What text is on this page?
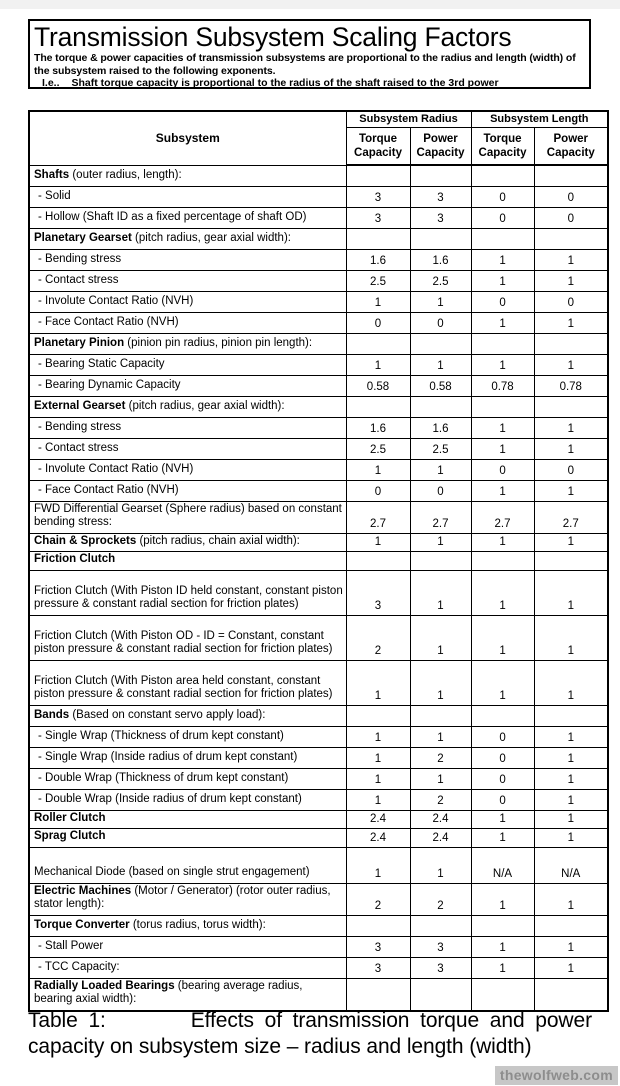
Transmission Subsystem Scaling Factors
The torque & power capacities of transmission subsystems are proportional to the radius and length (width) of
the subsystem raised to the following exponents.
I.e.. Shaft torque capacity is proportional to the radius of the shaft raised to the 3rd power
Subsystem	Subsystem Radius		Subsystem Length	
	Torque Capacity	Power Capacity	Torque Capacity	Power Capacity
Shafts (outer radius, length):				
- Solid	3	3	0	0
- Hollow (Shaft ID as a fixed percentage of shaft OD)	3	3	0	0
Planetary Gearset (pitch radius, gear axial width):				
- Bending stress	1.6	1.6	1	1
- Contact stress	2.5	2.5	1	1
- Involute Contact Ratio (NVH)	1	1	0	0
- Face Contact Ratio (NVH)	0	0	1	1
Planetary Pinion (pinion pin radius, pinion pin length):				
- Bearing Static Capacity	1	1	1	1
- Bearing Dynamic Capacity	0.58	0.58	0.78	0.78
External Gearset (pitch radius, gear axial width):				
- Bending stress	1.6	1.6	1	1
- Contact stress	2.5	2.5	1	1
- Involute Contact Ratio (NVH)	1	1	0	0
- Face Contact Ratio (NVH)	0	0	1	1
FWD Differential Gearset (Sphere radius) based on constant bending stress:	2.7	2.7	2.7	2.7
Chain & Sprockets (pitch radius, chain axial width):	1	1	1	1
Friction Clutch				
Friction Clutch (With Piston ID held constant, constant piston pressure & constant radial section for friction plates)	3	1	1	1
Friction Clutch (With Piston OD - ID = Constant, constant piston pressure & constant radial section for friction plates)	2	1	1	1
Friction Clutch (With Piston area held constant, constant piston pressure & constant radial section for friction plates)	1	1	1	1
Bands (Based on constant servo apply load):				
- Single Wrap (Thickness of drum kept constant)	1	1	0	1
- Single Wrap (Inside radius of drum kept constant)	1	2	0	1
- Double Wrap (Thickness of drum kept constant)	1	1	0	1
- Double Wrap (Inside radius of drum kept constant)	1	2	0	1
Roller Clutch	2.4	2.4	1	1
Sprag Clutch	2.4	2.4	1	1
Mechanical Diode (based on single strut engagement)	1	1	N/A	N/A
Electric Machines (Motor / Generator) (rotor outer radius, stator length):	2	2	1	1
Torque Converter (torus radius, torus width):				
- Stall Power	3	3	1	1
- TCC Capacity:	3	3	1	1
Radially Loaded Bearings (bearing average radius, bearing axial width):				
Table 1:	Effects of transmission torque and power capacity on subsystem size – radius and length (width)
thewolfweb.com
